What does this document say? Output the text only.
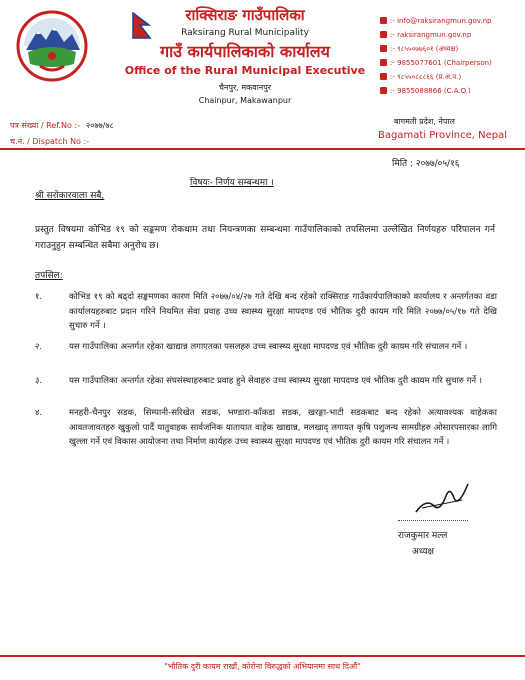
राक्सिराङ गाउँपालिका
Raksirang Rural Municipality
गाउँ कार्यपालिकाको कार्यालय
Office of the Rural Municipal Executive
चैनपुर, मकवानपुर
Chainpur, Makawanpur
:- info@raksirangmun.gov.np
:- raksirangmun.gov.np
:- ९८५५०७७६०१ (अध्यक्ष)
:- 9855077601 (Chairperson)
:- ९८५५०८८८६६ (प्र.अ.प.)
:- 9855088866 (C.A.O.)
पत्र संख्या / Ref.No :- २०७७/७८
च.नं. / Dispatch No :-
बागमती प्रदेश, नेपाल
Bagamati Province, Nepal
मिति : २०७७/०५/१६
विषयः- निर्णय सम्बन्धमा ।
श्री सरोकारवाला सबै,
प्रस्तुत विषयमा कोभिड १९ को सङ्कमण रोकथाम तथा नियन्त्रणका सम्बन्धमा गाउँपालिकाको तपसिलमा उल्लेखित निर्णयहरु परिपालन गर्न गराउनुहुन सम्बन्धित सबैमा अनुरोध छ।
तपसिल:
१.	कोभिड १९ को बढ्दो सङ्कमणका कारण मिति २०७७/०४/२७ गते देखि बन्द रहेको राक्सिराङ गाउँकार्यपालिकाको कार्यालय र अन्तर्गतका वडा कार्यालयहरुबाट प्रदान गरिने नियमित सेवा प्रवाह उच्च स्वास्थ्य सुरक्षा मापदण्ड एवं भौतिक दुरी कायम गरि मिति २०७७/०५/१७ गते देखि सुचारु गर्ने ।
२.	यस गाउँपालिका अन्तर्गत रहेका खाद्यान्न लगाएतका पसलहरु उच्च स्वास्थ्य सुरक्षा मापदण्ड एवं भौतिक दुरी कायम गरि संचालन गर्ने ।
३.	यस गाउँपालिका अन्तर्गत रहेका संघसंस्थाहरुबाट प्रवाह हुने सेवाहरु उच्च स्वास्थ्य सुरक्षा मापदण्ड एवं भौतिक दुरी कायम गरि सुचारु गर्ने ।
४.	मनहरी-चैनपुर सडक, सिम्पानी-सरिखेत सडक, भण्डारा-काँकडा सडक, खरङ्गा-भाटी सडकबाट बन्द रहेको अत्यावश्यक वाहेकका आवतजावतहरु खुकुलो पार्दै यातुवाहक सार्वजनिक यातायात वाहेक खाद्यान्न, मलखाद् लगायत कृषि पशुजन्य सामग्रीहरु ओसारपसारका लागि खुल्ला गर्ने एवं विकास आयोजना तथा निर्माण कार्यहरु उच्च स्वास्थ्य सुरक्षा मापदण्ड एवं भौतिक दुरी कायम गरि संचालन गर्ने ।
राजकुमार मल्ल
अध्यक्ष
"भौतिक दुरी कायम राखौं, कोरोना विरुद्धको अभियानमा साथ दिऔं"
